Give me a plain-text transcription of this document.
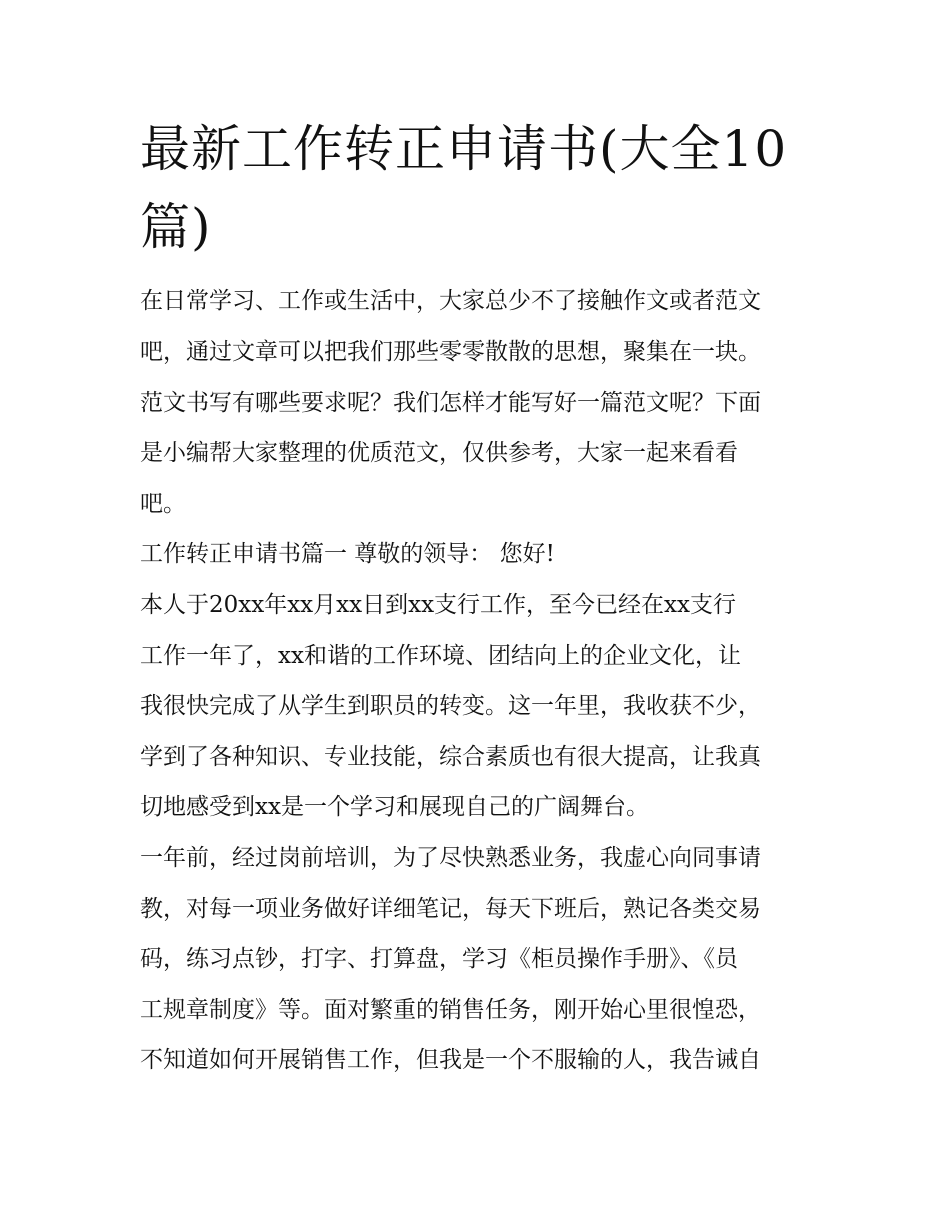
最新工作转正申请书(大全10篇)

在日常学习、工作或生活中，大家总少不了接触作文或者范文

吧，通过文章可以把我们那些零零散散的思想，聚集在一块。

范文书写有哪些要求呢？我们怎样才能写好一篇范文呢？下面

是小编帮大家整理的优质范文，仅供参考，大家一起来看看

吧。

工作转正申请书篇一 尊敬的领导： 您好!

本人于20xx年xx月xx日到xx支行工作，至今已经在xx支行

工作一年了，xx和谐的工作环境、团结向上的企业文化，让

我很快完成了从学生到职员的转变。这一年里，我收获不少，

学到了各种知识、专业技能，综合素质也有很大提高，让我真

切地感受到xx是一个学习和展现自己的广阔舞台。

一年前，经过岗前培训，为了尽快熟悉业务，我虚心向同事请

教，对每一项业务做好详细笔记，每天下班后，熟记各类交易

码，练习点钞，打字、打算盘，学习《柜员操作手册》、《员

工规章制度》等。面对繁重的销售任务，刚开始心里很惶恐，

不知道如何开展销售工作，但我是一个不服输的人，我告诫自
